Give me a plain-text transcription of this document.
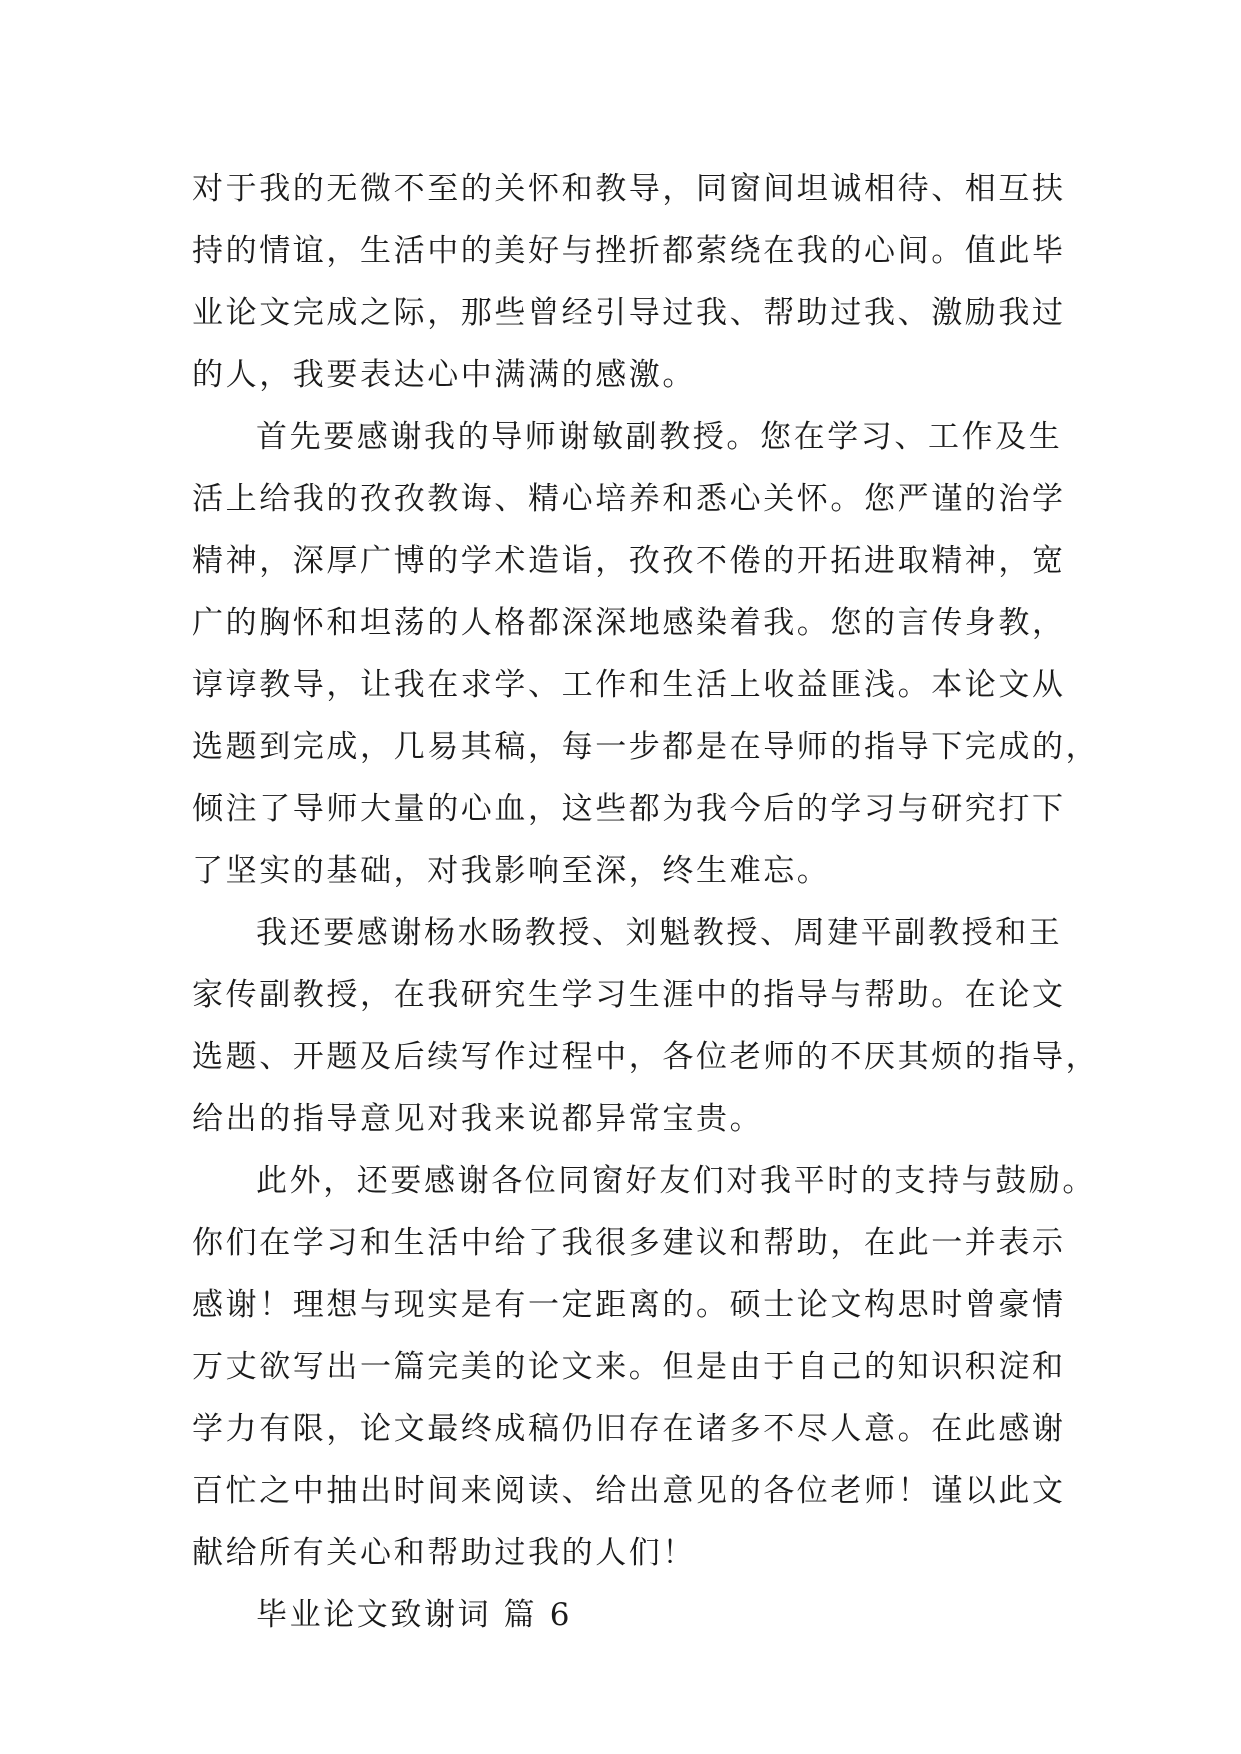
对于我的无微不至的关怀和教导，同窗间坦诚相待、相互扶
持的情谊，生活中的美好与挫折都萦绕在我的心间。值此毕
业论文完成之际，那些曾经引导过我、帮助过我、激励我过
的人，我要表达心中满满的感激。
首先要感谢我的导师谢敏副教授。您在学习、工作及生
活上给我的孜孜教诲、精心培养和悉心关怀。您严谨的治学
精神，深厚广博的学术造诣，孜孜不倦的开拓进取精神，宽
广的胸怀和坦荡的人格都深深地感染着我。您的言传身教，
谆谆教导，让我在求学、工作和生活上收益匪浅。本论文从
选题到完成，几易其稿，每一步都是在导师的指导下完成的，
倾注了导师大量的心血，这些都为我今后的学习与研究打下
了坚实的基础，对我影响至深，终生难忘。
我还要感谢杨水旸教授、刘魁教授、周建平副教授和王
家传副教授，在我研究生学习生涯中的指导与帮助。在论文
选题、开题及后续写作过程中，各位老师的不厌其烦的指导，
给出的指导意见对我来说都异常宝贵。
此外，还要感谢各位同窗好友们对我平时的支持与鼓励。
你们在学习和生活中给了我很多建议和帮助，在此一并表示
感谢！理想与现实是有一定距离的。硕士论文构思时曾豪情
万丈欲写出一篇完美的论文来。但是由于自己的知识积淀和
学力有限，论文最终成稿仍旧存在诸多不尽人意。在此感谢
百忙之中抽出时间来阅读、给出意见的各位老师！谨以此文
献给所有关心和帮助过我的人们！
毕业论文致谢词 篇 6
